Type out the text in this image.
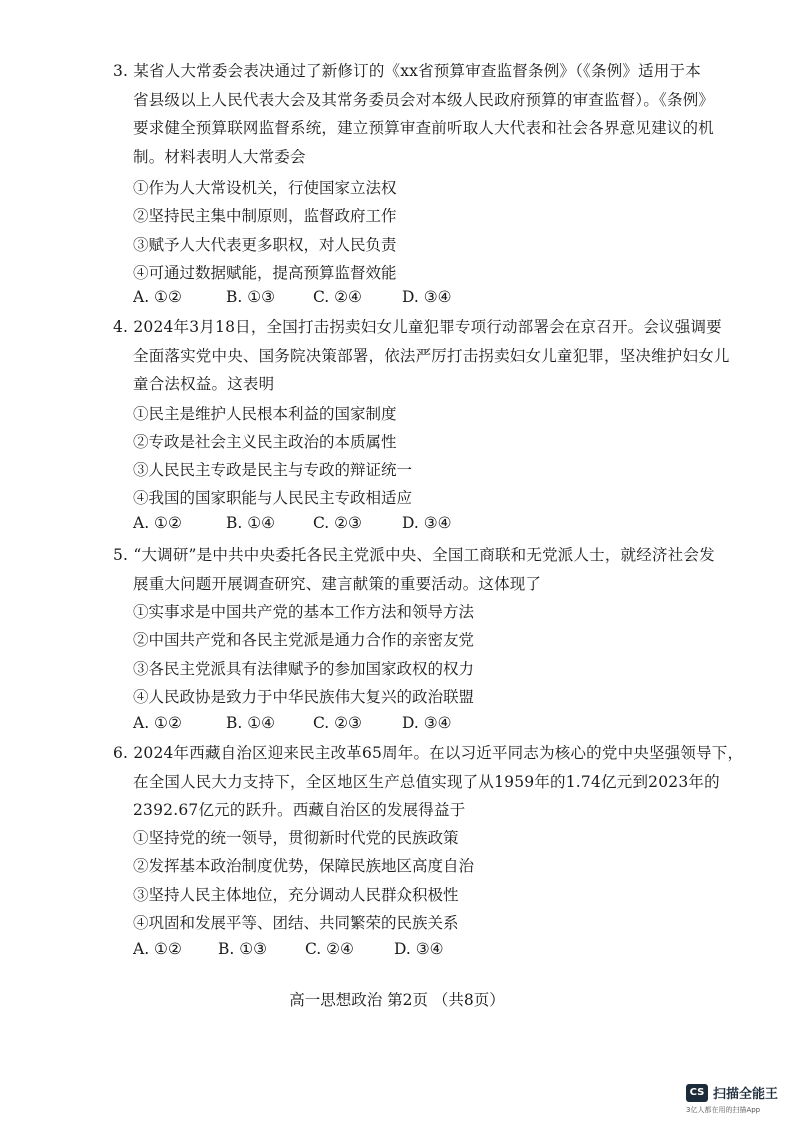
3. 某省人大常委会表决通过了新修订的《xx省预算审查监督条例》（《条例》适用于本
省县级以上人民代表大会及其常务委员会对本级人民政府预算的审查监督）。《条例》
要求健全预算联网监督系统，建立预算审查前听取人大代表和社会各界意见建议的机
制。材料表明人大常委会
①作为人大常设机关，行使国家立法权
②坚持民主集中制原则，监督政府工作
③赋予人大代表更多职权，对人民负责
④可通过数据赋能，提高预算监督效能
A. ①②	B. ①③ C. ②④	D. ③④
4. 2024年3月18日，全国打击拐卖妇女儿童犯罪专项行动部署会在京召开。会议强调要
全面落实党中央、国务院决策部署，依法严厉打击拐卖妇女儿童犯罪，坚决维护妇女儿
童合法权益。这表明
①民主是维护人民根本利益的国家制度
②专政是社会主义民主政治的本质属性
③人民民主专政是民主与专政的辩证统一
④我国的国家职能与人民民主专政相适应
A. ①②	B. ①④ C. ②③	D. ③④
5. “大调研”是中共中央委托各民主党派中央、全国工商联和无党派人士，就经济社会发
展重大问题开展调查研究、建言献策的重要活动。这体现了
①实事求是中国共产党的基本工作方法和领导方法
②中国共产党和各民主党派是通力合作的亲密友党
③各民主党派具有法律赋予的参加国家政权的权力
④人民政协是致力于中华民族伟大复兴的政治联盟
A. ①②	B. ①④ C. ②③	D. ③④
6. 2024年西藏自治区迎来民主改革65周年。在以习近平同志为核心的党中央坚强领导下，
在全国人民大力支持下，全区地区生产总值实现了从1959年的1.74亿元到2023年的
2392.67亿元的跃升。西藏自治区的发展得益于
①坚持党的统一领导，贯彻新时代党的民族政策
②发挥基本政治制度优势，保障民族地区高度自治
③坚持人民主体地位，充分调动人民群众积极性
④巩固和发展平等、团结、共同繁荣的民族关系
A. ①② B. ①③ C. ②④	D. ③④
高一思想政治 第2页 （共8页）
CS 扫描全能王
3亿人都在用的扫描App
